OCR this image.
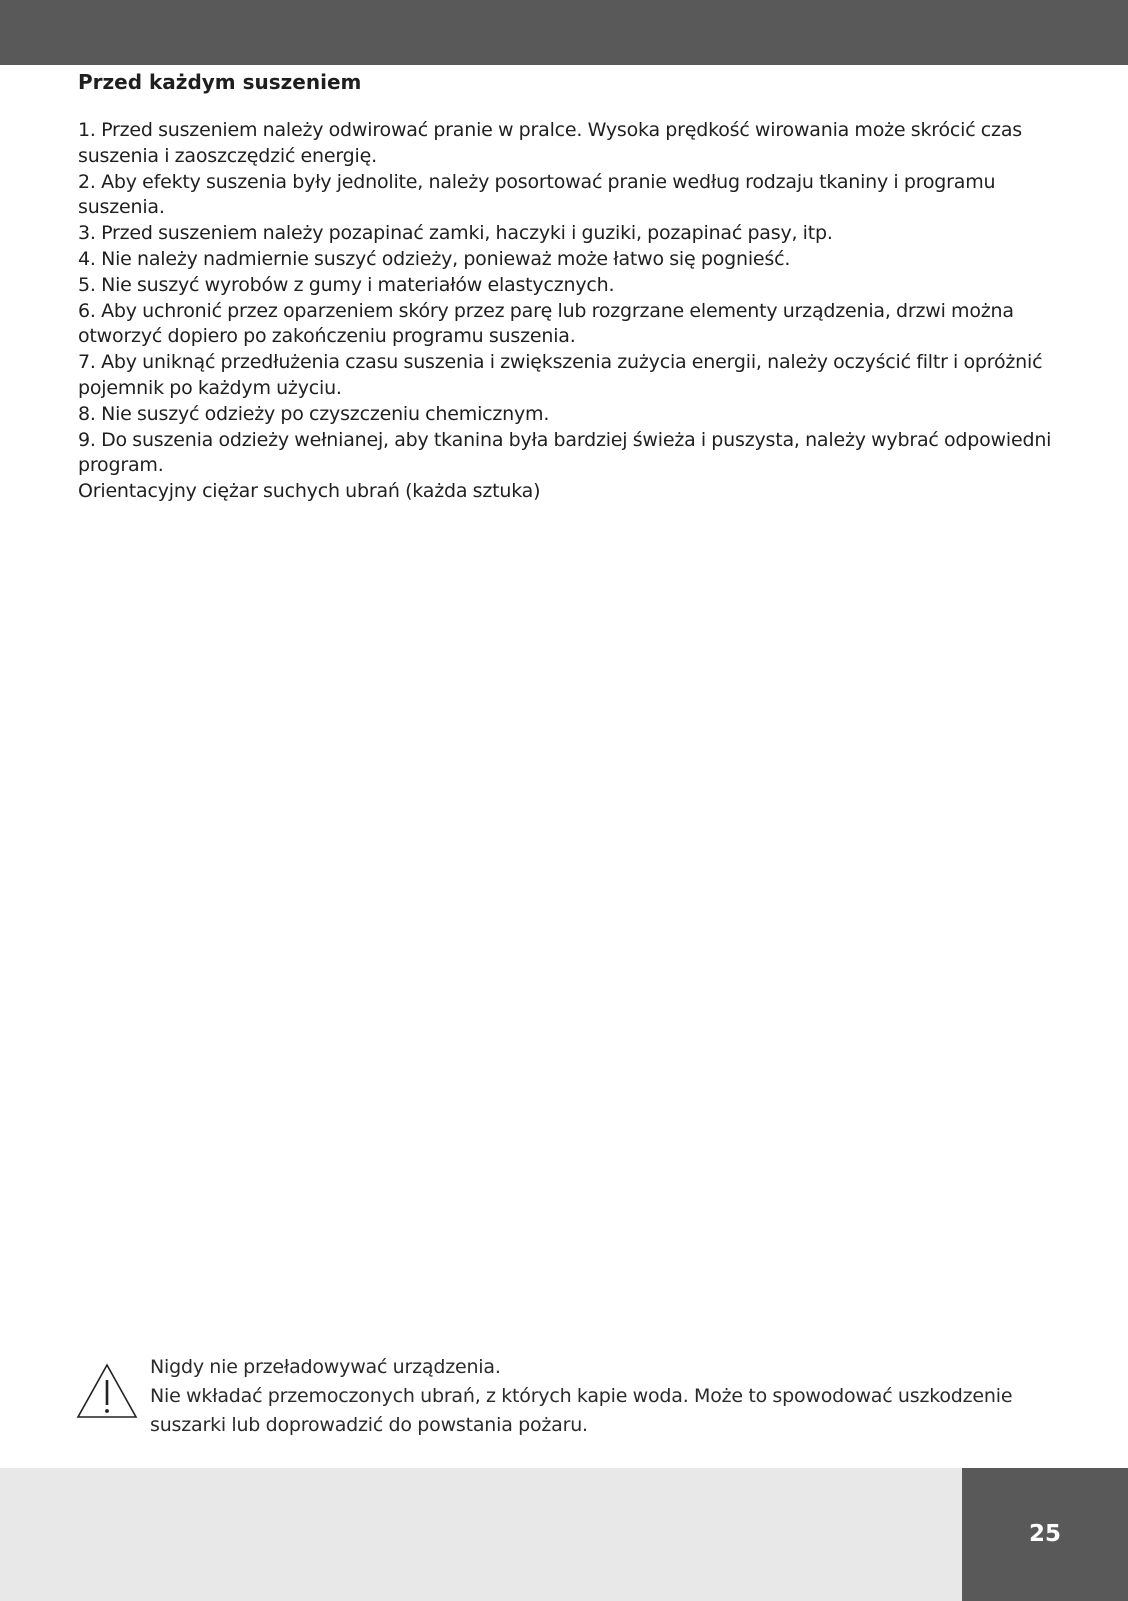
Przed każdym suszeniem
1. Przed suszeniem należy odwirować pranie w pralce. Wysoka prędkość wirowania może skrócić czas suszenia i zaoszczędzić energię.
2. Aby efekty suszenia były jednolite, należy posortować pranie według rodzaju tkaniny i programu suszenia.
3. Przed suszeniem należy pozapinać zamki, haczyki i guziki, pozapinać pasy, itp.
4. Nie należy nadmiernie suszyć odzieży, ponieważ może łatwo się pognieść.
5. Nie suszyć wyrobów z gumy i materiałów elastycznych.
6. Aby uchronić przez oparzeniem skóry przez parę lub rozgrzane elementy urządzenia, drzwi można otworzyć dopiero po zakończeniu programu suszenia.
7. Aby uniknąć przedłużenia czasu suszenia i zwiększenia zużycia energii, należy oczyścić filtr i opróżnić pojemnik po każdym użyciu.
8. Nie suszyć odzieży po czyszczeniu chemicznym.
9. Do suszenia odzieży wełnianej, aby tkanina była bardziej świeża i puszysta, należy wybrać odpowiedni program.

Orientacyjny ciężar suchych ubrań (każda sztuka)

Nigdy nie przeładowywać urządzenia.

Nie wkładać przemoczonych ubrań, z których kapie woda. Może to spowodować uszkodzenie suszarki lub doprowadzić do powstania pożaru.

25
